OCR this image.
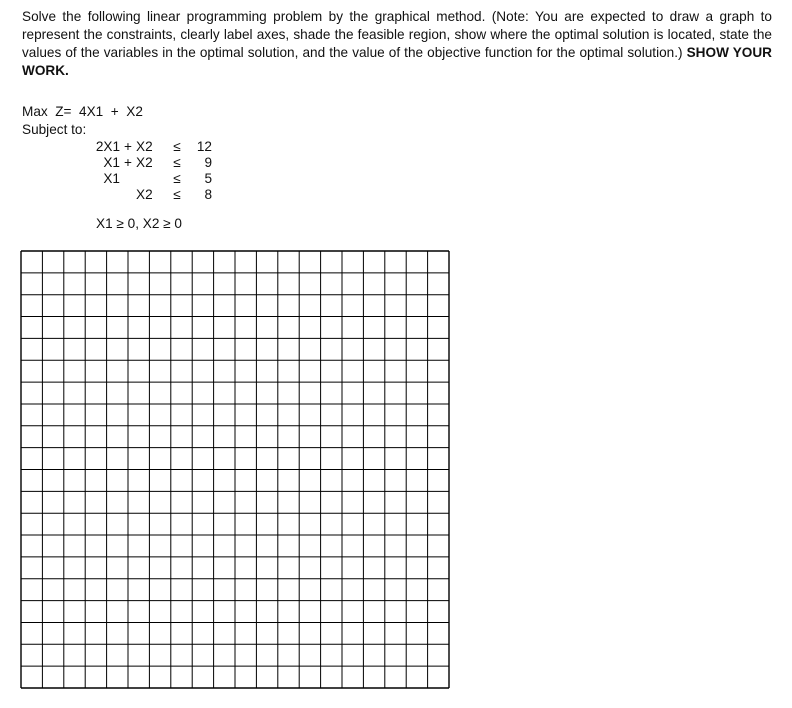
Solve the following linear programming problem by the graphical method. (Note: You are expected to draw a graph to represent the constraints, clearly label axes, shade the feasible region, show where the optimal solution is located, state the values of the variables in the optimal solution, and the value of the objective function for the optimal solution.) SHOW YOUR WORK.

Max  Z=  4X1  +  X2
Subject to:
2X1	+	X2	≤	12
X1	+	X2	≤	9
X1			≤	5
		X2	≤	8
X1 ≥ 0, X2 ≥ 0
